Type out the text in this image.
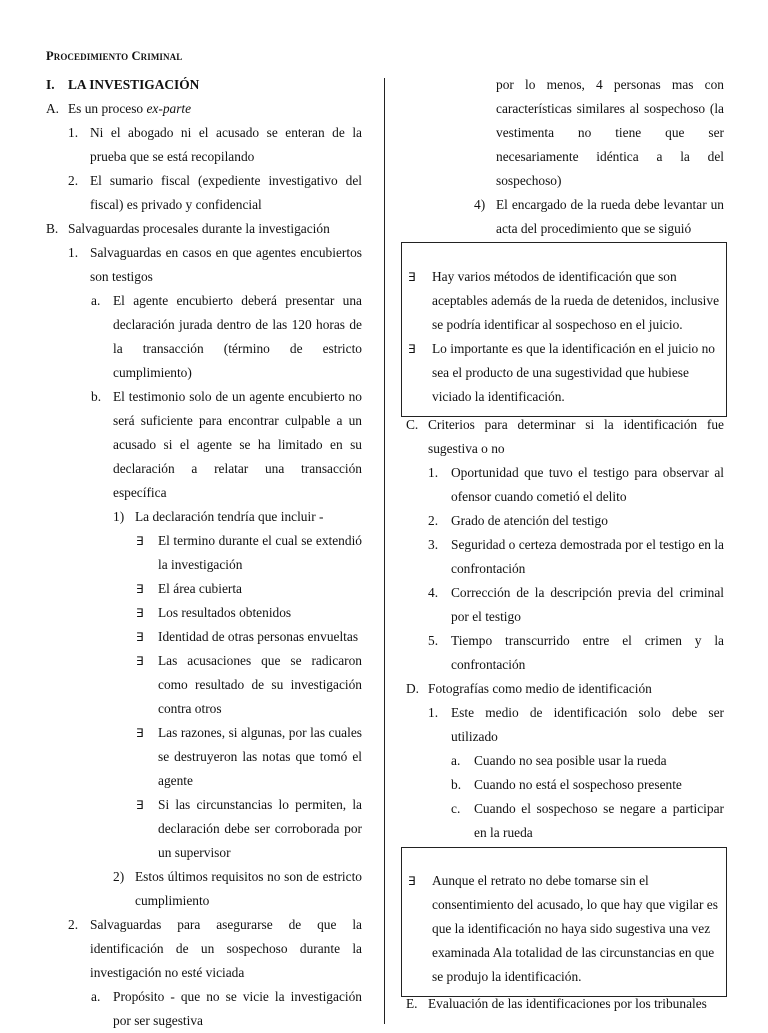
Procedimiento Criminal
I. LA INVESTIGACIÓN
A. Es un proceso ex-parte
1. Ni el abogado ni el acusado se enteran de la prueba que se está recopilando
2. El sumario fiscal (expediente investigativo del fiscal) es privado y confidencial
B. Salvaguardas procesales durante la investigación
1. Salvaguardas en casos en que agentes encubiertos son testigos
a. El agente encubierto deberá presentar una declaración jurada dentro de las 120 horas de la transacción (término de estricto cumplimiento)
b. El testimonio solo de un agente encubierto no será suficiente para encontrar culpable a un acusado si el agente se ha limitado en su declaración a relatar una transacción específica
1) La declaración tendría que incluir -
∃ El termino durante el cual se extendió la investigación
∃ El área cubierta
∃ Los resultados obtenidos
∃ Identidad de otras personas envueltas
∃ Las acusaciones que se radicaron como resultado de su investigación contra otros
∃ Las razones, si algunas, por las cuales se destruyeron las notas que tomó el agente
∃ Si las circunstancias lo permiten, la declaración debe ser corroborada por un supervisor
2) Estos últimos requisitos no son de estricto cumplimiento
2. Salvaguardas para asegurarse de que la identificación de un sospechoso durante la investigación no esté viciada
a. Propósito - que no se vicie la investigación por ser sugestiva
por lo menos, 4 personas mas con características similares al sospechoso (la vestimenta no tiene que ser necesariamente idéntica a la del sospechoso)
4) El encargado de la rueda debe levantar un acta del procedimiento que se siguió
∃ Hay varios métodos de identificación que son aceptables además de la rueda de detenidos, inclusive se podría identificar al sospechoso en el juicio.
∃ Lo importante es que la identificación en el juicio no sea el producto de una sugestividad que hubiese viciado la identificación.
C. Criterios para determinar si la identificación fue sugestiva o no
1. Oportunidad que tuvo el testigo para observar al ofensor cuando cometió el delito
2. Grado de atención del testigo
3. Seguridad o certeza demostrada por el testigo en la confrontación
4. Corrección de la descripción previa del criminal por el testigo
5. Tiempo transcurrido entre el crimen y la confrontación
D. Fotografías como medio de identificación
1. Este medio de identificación solo debe ser utilizado
a. Cuando no sea posible usar la rueda
b. Cuando no está el sospechoso presente
c. Cuando el sospechoso se negare a participar en la rueda
∃ Aunque el retrato no debe tomarse sin el consentimiento del acusado, lo que hay que vigilar es que la identificación no haya sido sugestiva una vez examinada Ala totalidad de las circunstancias en que se produjo la identificación.
E. Evaluación de las identificaciones por los tribunales
